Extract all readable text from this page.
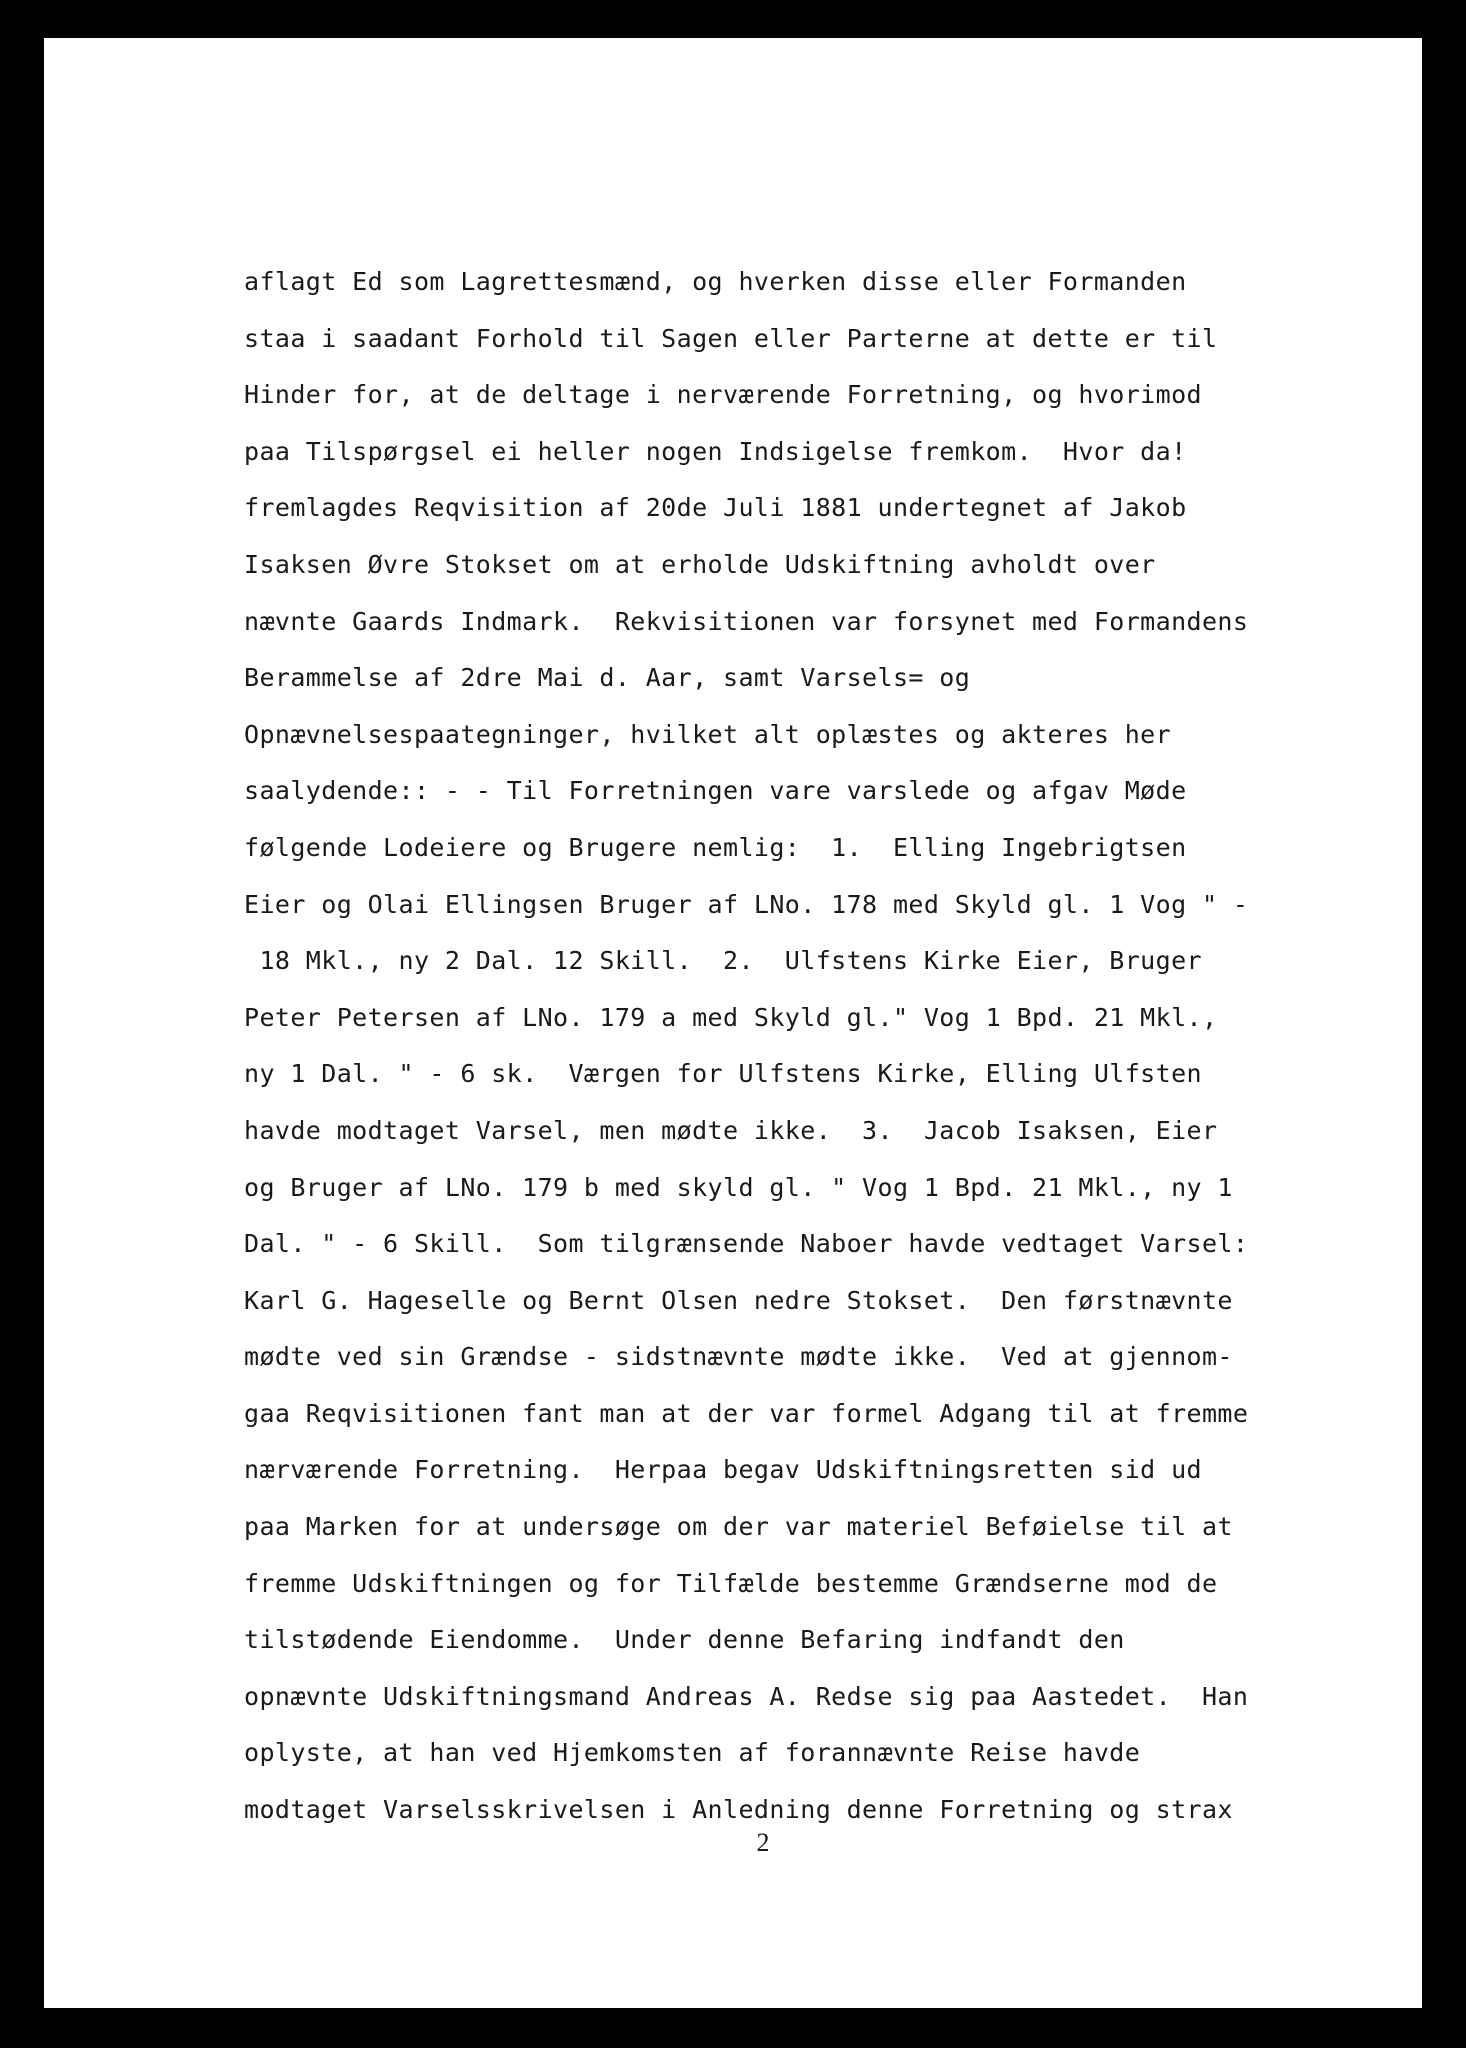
aflagt Ed som Lagrettesmænd, og hverken disse eller Formanden
staa i saadant Forhold til Sagen eller Parterne at dette er til
Hinder for, at de deltage i nerværende Forretning, og hvorimod
paa Tilspørgsel ei heller nogen Indsigelse fremkom.  Hvor da!
fremlagdes Reqvisition af 20de Juli 1881 undertegnet af Jakob
Isaksen Øvre Stokset om at erholde Udskiftning avholdt over
nævnte Gaards Indmark.  Rekvisitionen var forsynet med Formandens
Berammelse af 2dre Mai d. Aar, samt Varsels= og
Opnævnelsespaategninger, hvilket alt oplæstes og akteres her
saalydende:: - - Til Forretningen vare varslede og afgav Møde
følgende Lodeiere og Brugere nemlig:  1.  Elling Ingebrigtsen
Eier og Olai Ellingsen Bruger af LNo. 178 med Skyld gl. 1 Vog " -
18 Mkl., ny 2 Dal. 12 Skill.  2.  Ulfstens Kirke Eier, Bruger
Peter Petersen af LNo. 179 a med Skyld gl." Vog 1 Bpd. 21 Mkl.,
ny 1 Dal. " - 6 sk.  Værgen for Ulfstens Kirke, Elling Ulfsten
havde modtaget Varsel, men mødte ikke.  3.  Jacob Isaksen, Eier
og Bruger af LNo. 179 b med skyld gl. " Vog 1 Bpd. 21 Mkl., ny 1
Dal. " - 6 Skill.  Som tilgrænsende Naboer havde vedtaget Varsel:
Karl G. Hageselle og Bernt Olsen nedre Stokset.  Den førstnævnte
mødte ved sin Grændse - sidstnævnte mødte ikke.  Ved at gjennom-
gaa Reqvisitionen fant man at der var formel Adgang til at fremme
nærværende Forretning.  Herpaa begav Udskiftningsretten sid ud
paa Marken for at undersøge om der var materiel Beføielse til at
fremme Udskiftningen og for Tilfælde bestemme Grændserne mod de
tilstødende Eiendomme.  Under denne Befaring indfandt den
opnævnte Udskiftningsmand Andreas A. Redse sig paa Aastedet.  Han
oplyste, at han ved Hjemkomsten af forannævnte Reise havde
modtaget Varselsskrivelsen i Anledning denne Forretning og strax
2
